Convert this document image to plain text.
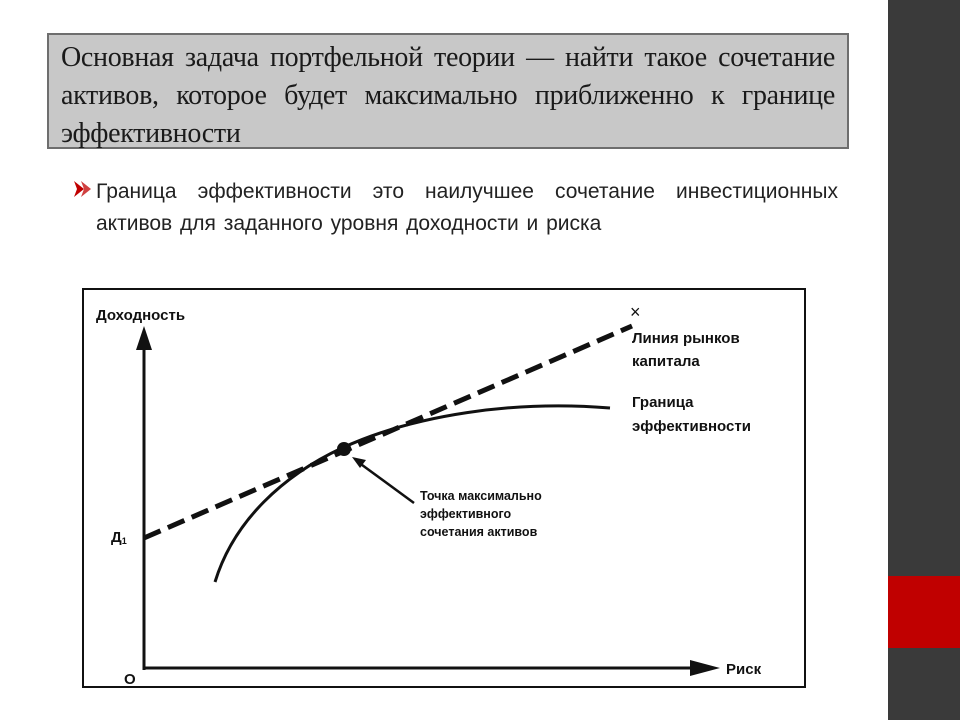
Основная задача портфельной теории — найти такое сочетание активов, которое будет максимально приближенно к границе эффективности

Граница эффективности это наилучшее сочетание инвестиционных активов для заданного уровня доходности и риска

Доходность
Риск
О
Д1
×
Линия рынков
капитала
Граница
эффективности
Точка максимально
эффективного
сочетания активов
